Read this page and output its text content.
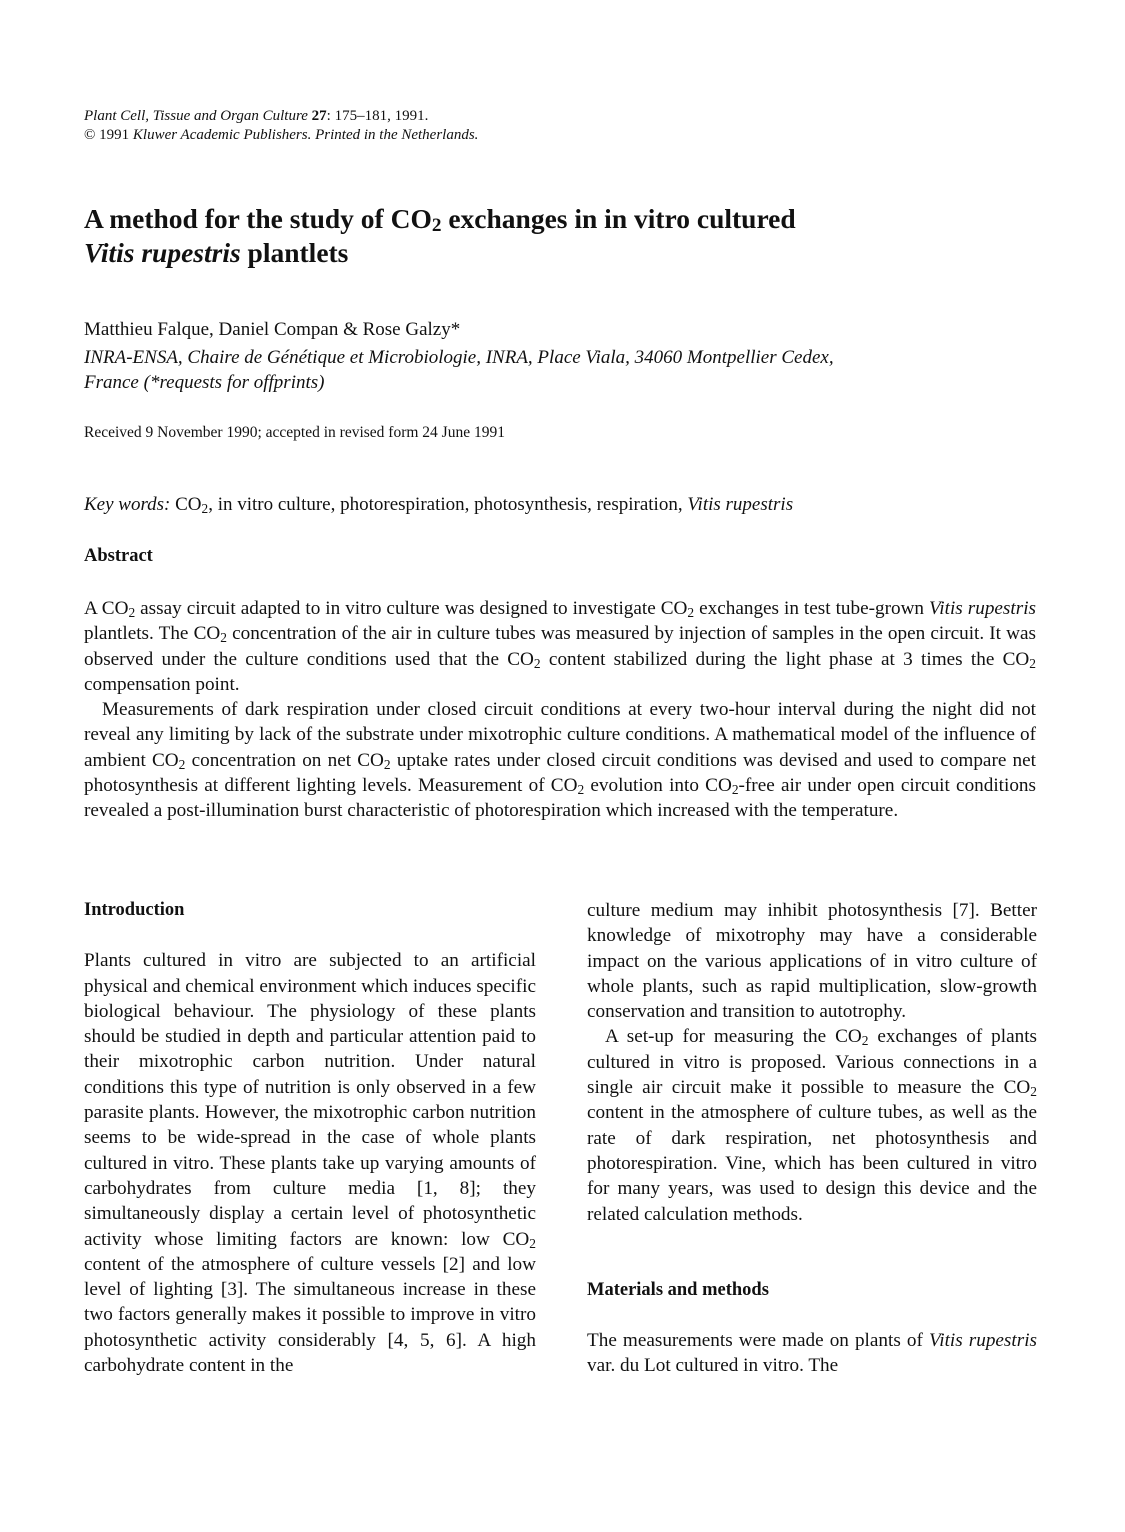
Plant Cell, Tissue and Organ Culture 27: 175–181, 1991.
© 1991 Kluwer Academic Publishers. Printed in the Netherlands.
A method for the study of $CO_2$ exchanges in in vitro cultured
Vitis rupestris plantlets
Matthieu Falque, Daniel Compan & Rose Galzy*
INRA-ENSA, Chaire de Génétique et Microbiologie, INRA, Place Viala, 34060 Montpellier Cedex,
France (*requests for offprints)
Received 9 November 1990; accepted in revised form 24 June 1991
Key words: $CO_2$, in vitro culture, photorespiration, photosynthesis, respiration, Vitis rupestris
Abstract

A $CO_2$ assay circuit adapted to in vitro culture was designed to investigate $CO_2$ exchanges in test tube-grown Vitis rupestris plantlets. The $CO_2$ concentration of the air in culture tubes was measured by injection of samples in the open circuit. It was observed under the culture conditions used that the $CO_2$ content stabilized during the light phase at 3 times the $CO_2$ compensation point.

Measurements of dark respiration under closed circuit conditions at every two-hour interval during the night did not reveal any limiting by lack of the substrate under mixotrophic culture conditions. A mathematical model of the influence of ambient $CO_2$ concentration on net $CO_2$ uptake rates under closed circuit conditions was devised and used to compare net photosynthesis at different lighting levels. Measurement of $CO_2$ evolution into $CO_2$-free air under open circuit conditions revealed a post-illumination burst characteristic of photorespiration which increased with the temperature.

Introduction

Plants cultured in vitro are subjected to an artificial physical and chemical environment which induces specific biological behaviour. The physiology of these plants should be studied in depth and particular attention paid to their mixotrophic carbon nutrition. Under natural conditions this type of nutrition is only observed in a few parasite plants. However, the mixotrophic carbon nutrition seems to be wide-spread in the case of whole plants cultured in vitro. These plants take up varying amounts of carbohydrates from culture media [1, 8]; they simultaneously display a certain level of photosynthetic activity whose limiting factors are known: low $CO_2$ content of the atmosphere of culture vessels [2] and low level of lighting [3]. The simultaneous increase in these two factors generally makes it possible to improve in vitro photosynthetic activity considerably [4, 5, 6]. A high carbohydrate content in the

culture medium may inhibit photosynthesis [7]. Better knowledge of mixotrophy may have a considerable impact on the various applications of in vitro culture of whole plants, such as rapid multiplication, slow-growth conservation and transition to autotrophy.

A set-up for measuring the $CO_2$ exchanges of plants cultured in vitro is proposed. Various connections in a single air circuit make it possible to measure the $CO_2$ content in the atmosphere of culture tubes, as well as the rate of dark respiration, net photosynthesis and photorespiration. Vine, which has been cultured in vitro for many years, was used to design this device and the related calculation methods.

Materials and methods

The measurements were made on plants of Vitis rupestris var. du Lot cultured in vitro. The
